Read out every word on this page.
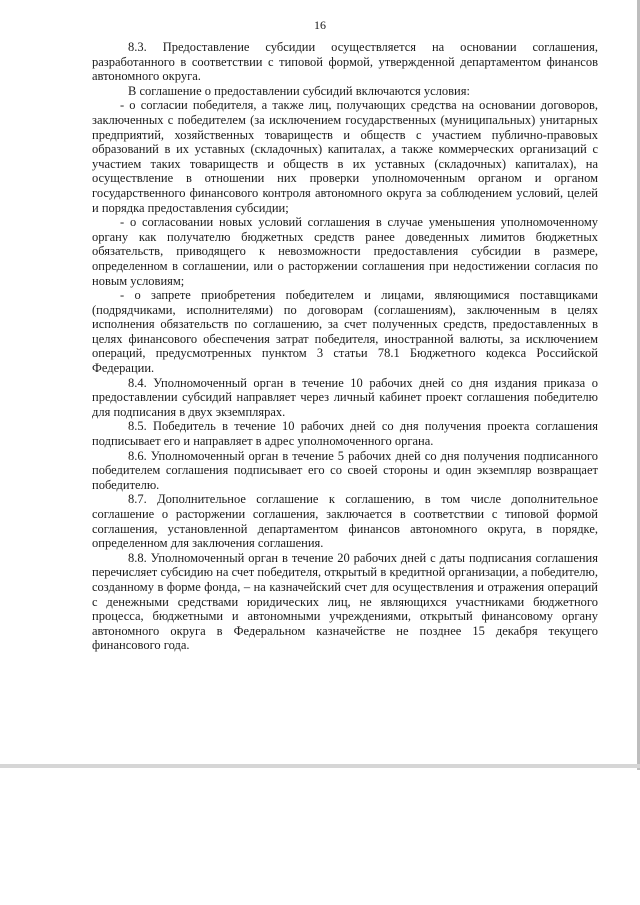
16

8.3. Предоставление субсидии осуществляется на основании соглашения, разработанного в соответствии с типовой формой, утвержденной департаментом финансов автономного округа.

В соглашение о предоставлении субсидий включаются условия:

- о согласии победителя, а также лиц, получающих средства на основании договоров, заключенных с победителем (за исключением государственных (муниципальных) унитарных предприятий, хозяйственных товариществ и обществ с участием публично-правовых образований в их уставных (складочных) капиталах, а также коммерческих организаций с участием таких товариществ и обществ в их уставных (складочных) капиталах), на осуществление в отношении них проверки уполномоченным органом и органом государственного финансового контроля автономного округа за соблюдением условий, целей и порядка предоставления субсидии;

- о согласовании новых условий соглашения в случае уменьшения уполномоченному органу как получателю бюджетных средств ранее доведенных лимитов бюджетных обязательств, приводящего к невозможности предоставления субсидии в размере, определенном в соглашении, или о расторжении соглашения при недостижении согласия по новым условиям;

- о запрете приобретения победителем и лицами, являющимися поставщиками (подрядчиками, исполнителями) по договорам (соглашениям), заключенным в целях исполнения обязательств по соглашению, за счет полученных средств, предоставленных в целях финансового обеспечения затрат победителя, иностранной валюты, за исключением операций, предусмотренных пунктом 3 статьи 78.1 Бюджетного кодекса Российской Федерации.

8.4. Уполномоченный орган в течение 10 рабочих дней со дня издания приказа о предоставлении субсидий направляет через личный кабинет проект соглашения победителю для подписания в двух экземплярах.

8.5. Победитель в течение 10 рабочих дней со дня получения проекта соглашения подписывает его и направляет в адрес уполномоченного органа.

8.6. Уполномоченный орган в течение 5 рабочих дней со дня получения подписанного победителем соглашения подписывает его со своей стороны и один экземпляр возвращает победителю.

8.7. Дополнительное соглашение к соглашению, в том числе дополнительное соглашение о расторжении соглашения, заключается в соответствии с типовой формой соглашения, установленной департаментом финансов автономного округа, в порядке, определенном для заключения соглашения.

8.8. Уполномоченный орган в течение 20 рабочих дней с даты подписания соглашения перечисляет субсидию на счет победителя, открытый в кредитной организации, а победителю, созданному в форме фонда, – на казначейский счет для осуществления и отражения операций с денежными средствами юридических лиц, не являющихся участниками бюджетного процесса, бюджетными и автономными учреждениями, открытый финансовому органу автономного округа в Федеральном казначействе не позднее 15 декабря текущего финансового года.
